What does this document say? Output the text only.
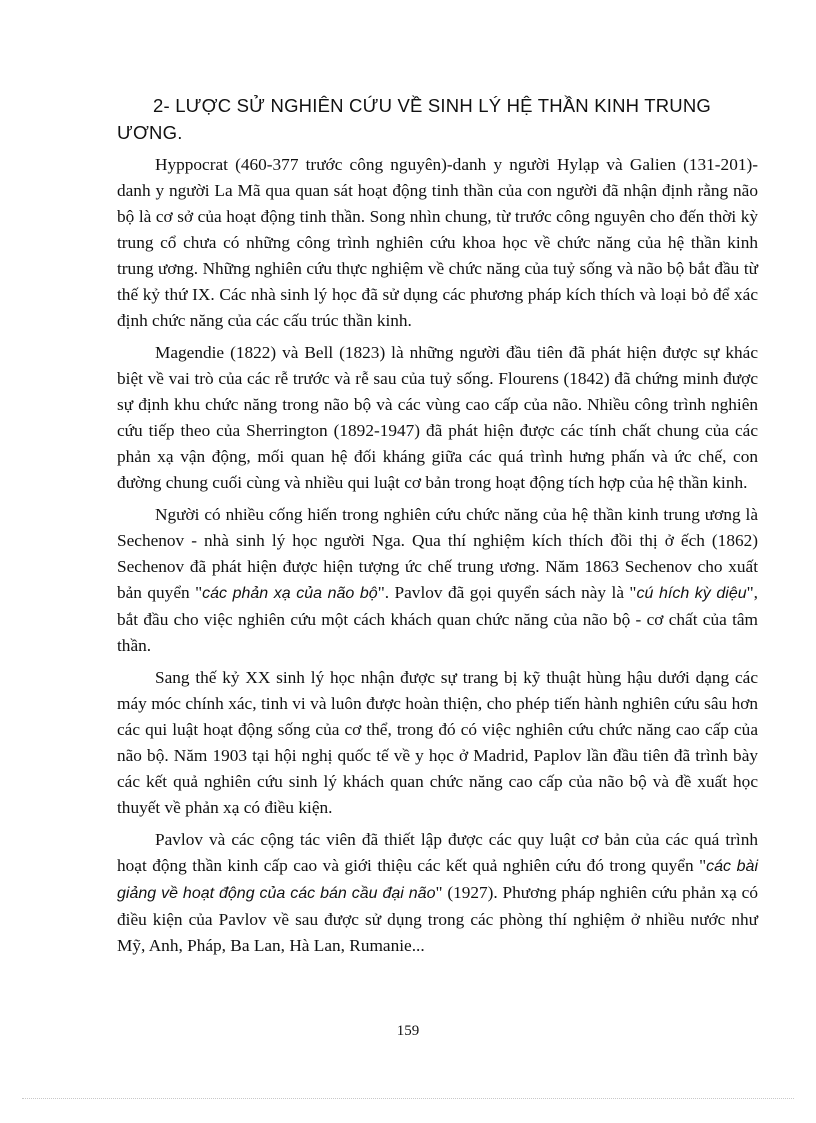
2- LƯỢC SỬ NGHIÊN CỨU VỀ SINH LÝ HỆ THẦN KINH TRUNG ƯƠNG.

Hyppocrat (460-377 trước công nguyên)-danh y người Hylạp và Galien (131-201)-danh y người La Mã qua quan sát hoạt động tinh thần của con người đã nhận định rằng não bộ là cơ sở của hoạt động tinh thần. Song nhìn chung, từ trước công nguyên cho đến thời kỳ trung cổ chưa có những công trình nghiên cứu khoa học về chức năng của hệ thần kinh trung ương. Những nghiên cứu thực nghiệm về chức năng của tuỷ sống và não bộ bắt đầu từ thế kỷ thứ IX. Các nhà sinh lý học đã sử dụng các phương pháp kích thích và loại bỏ để xác định chức năng của các cấu trúc thần kinh.

Magendie (1822) và Bell (1823) là những người đầu tiên đã phát hiện được sự khác biệt về vai trò của các rễ trước và rễ sau của tuỷ sống. Flourens (1842) đã chứng minh được sự định khu chức năng trong não bộ và các vùng cao cấp của não. Nhiều công trình nghiên cứu tiếp theo của Sherrington (1892-1947) đã phát hiện được các tính chất chung của các phản xạ vận động, mối quan hệ đối kháng giữa các quá trình hưng phấn và ức chế, con đường chung cuối cùng và nhiều qui luật cơ bản trong hoạt động tích hợp của hệ thần kinh.

Người có nhiều cống hiến trong nghiên cứu chức năng của hệ thần kinh trung ương là Sechenov - nhà sinh lý học người Nga. Qua thí nghiệm kích thích đồi thị ở ếch (1862) Sechenov đã phát hiện được hiện tượng ức chế trung ương. Năm 1863 Sechenov cho xuất bản quyển "các phản xạ của não bộ". Pavlov đã gọi quyển sách này là "cú hích kỳ diệu", bắt đầu cho việc nghiên cứu một cách khách quan chức năng của não bộ - cơ chất của tâm thần.

Sang thế kỷ XX sinh lý học nhận được sự trang bị kỹ thuật hùng hậu dưới dạng các máy móc chính xác, tinh vi và luôn được hoàn thiện, cho phép tiến hành nghiên cứu sâu hơn các qui luật hoạt động sống của cơ thể, trong đó có việc nghiên cứu chức năng cao cấp của não bộ. Năm 1903 tại hội nghị quốc tế về y học ở Madrid, Paplov lần đầu tiên đã trình bày các kết quả nghiên cứu sinh lý khách quan chức năng cao cấp của não bộ và đề xuất học thuyết về phản xạ có điều kiện.

Pavlov và các cộng tác viên đã thiết lập được các quy luật cơ bản của các quá trình hoạt động thần kinh cấp cao và giới thiệu các kết quả nghiên cứu đó trong quyển "các bài giảng về hoạt động của các bán cầu đại não" (1927). Phương pháp nghiên cứu phản xạ có điều kiện của Pavlov về sau được sử dụng trong các phòng thí nghiệm ở nhiều nước như Mỹ, Anh, Pháp, Ba Lan, Hà Lan, Rumanie...

159
